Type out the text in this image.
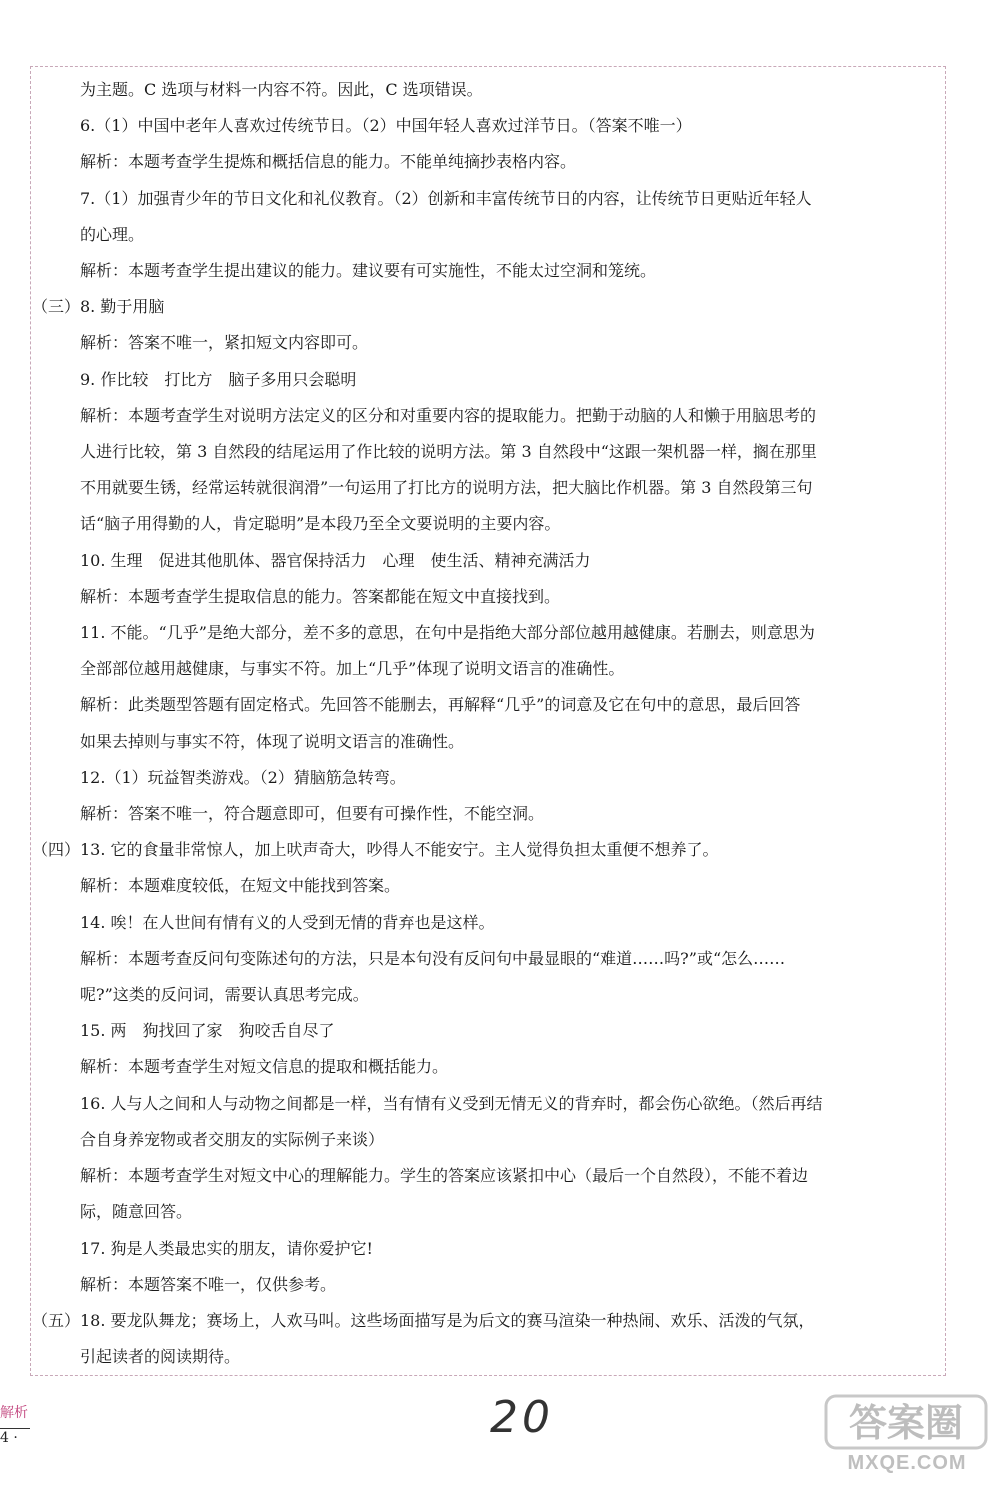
为主题。C 选项与材料一内容不符。因此，C 选项错误。
6.（1）中国中老年人喜欢过传统节日。（2）中国年轻人喜欢过洋节日。（答案不唯一）
解析：本题考查学生提炼和概括信息的能力。不能单纯摘抄表格内容。
7.（1）加强青少年的节日文化和礼仪教育。（2）创新和丰富传统节日的内容，让传统节日更贴近年轻人
的心理。
解析：本题考查学生提出建议的能力。建议要有可实施性，不能太过空洞和笼统。
（三）8. 勤于用脑
解析：答案不唯一，紧扣短文内容即可。
9. 作比较　打比方　脑子多用只会聪明
解析：本题考查学生对说明方法定义的区分和对重要内容的提取能力。把勤于动脑的人和懒于用脑思考的
人进行比较，第 3 自然段的结尾运用了作比较的说明方法。第 3 自然段中“这跟一架机器一样，搁在那里
不用就要生锈，经常运转就很润滑”一句运用了打比方的说明方法，把大脑比作机器。第 3 自然段第三句
话“脑子用得勤的人，肯定聪明”是本段乃至全文要说明的主要内容。
10. 生理　促进其他肌体、器官保持活力　心理　使生活、精神充满活力
解析：本题考查学生提取信息的能力。答案都能在短文中直接找到。
11. 不能。“几乎”是绝大部分，差不多的意思，在句中是指绝大部分部位越用越健康。若删去，则意思为
全部部位越用越健康，与事实不符。加上“几乎”体现了说明文语言的准确性。
解析：此类题型答题有固定格式。先回答不能删去，再解释“几乎”的词意及它在句中的意思，最后回答
如果去掉则与事实不符，体现了说明文语言的准确性。
12.（1）玩益智类游戏。（2）猜脑筋急转弯。
解析：答案不唯一，符合题意即可，但要有可操作性，不能空洞。
（四）13. 它的食量非常惊人，加上吠声奇大，吵得人不能安宁。主人觉得负担太重便不想养了。
解析：本题难度较低，在短文中能找到答案。
14. 唉！在人世间有情有义的人受到无情的背弃也是这样。
解析：本题考查反问句变陈述句的方法，只是本句没有反问句中最显眼的“难道……吗?”或“怎么……
呢?”这类的反问词，需要认真思考完成。
15. 两　狗找回了家　狗咬舌自尽了
解析：本题考查学生对短文信息的提取和概括能力。
16. 人与人之间和人与动物之间都是一样，当有情有义受到无情无义的背弃时，都会伤心欲绝。（然后再结
合自身养宠物或者交朋友的实际例子来谈）
解析：本题考查学生对短文中心的理解能力。学生的答案应该紧扣中心（最后一个自然段），不能不着边
际，随意回答。
17. 狗是人类最忠实的朋友，请你爱护它!
解析：本题答案不唯一，仅供参考。
（五）18. 要龙队舞龙；赛场上，人欢马叫。这些场面描写是为后文的赛马渲染一种热闹、欢乐、活泼的气氛，
引起读者的阅读期待。
解析
4 ·	20	答案圈
MXQE.COM
